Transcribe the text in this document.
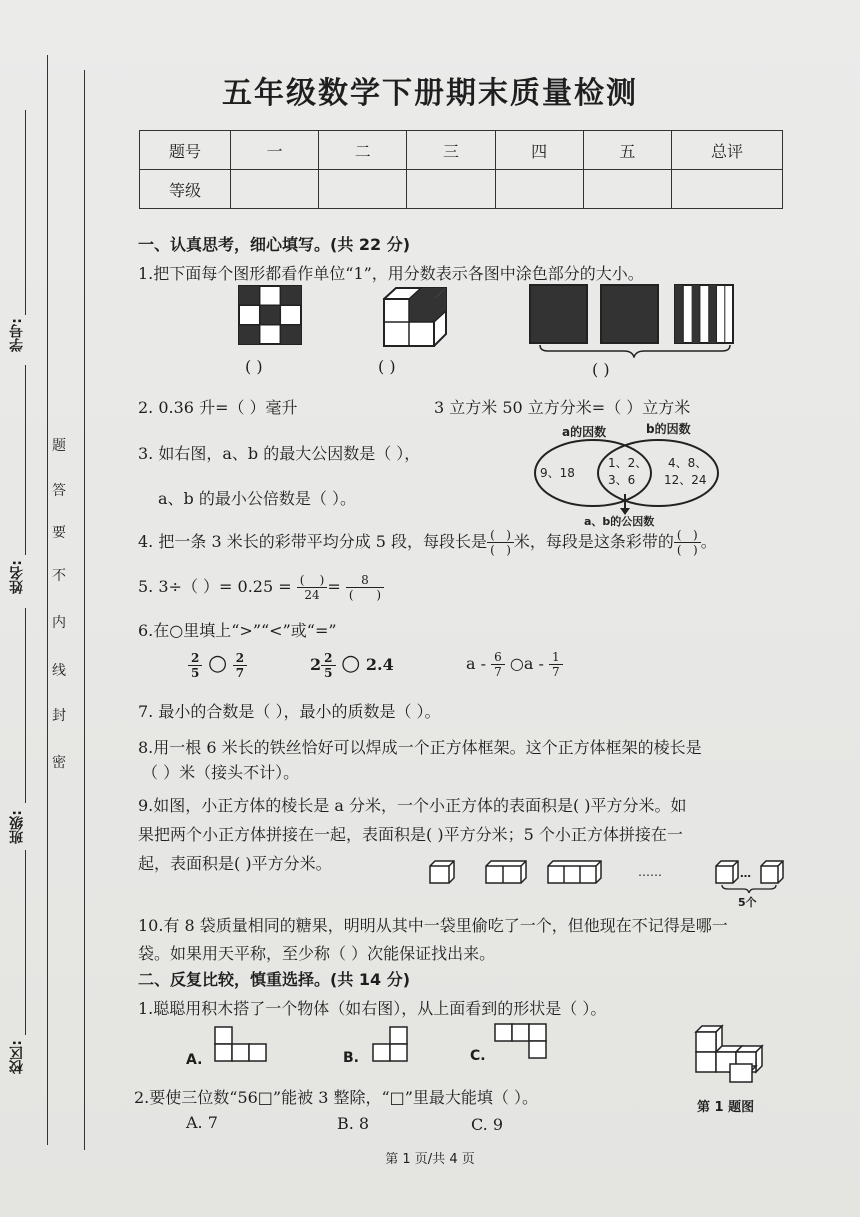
学号:
姓名:
班级:
校区:
题
答
要
不
内
线
封
密
五年级数学下册期末质量检测
题号	一	二	三	四	五	总评
等级						
一、认真思考，细心填写。(共 22 分)
1.把下面每个图形都看作单位“1”，用分数表示各图中涂色部分的大小。
( )	( )	( )
2. 0.36 升=（ ）毫升	3 立方米 50 立方分米=（ ）立方米
3. 如右图，a、b 的最大公因数是（ ），
a、b 的最小公倍数是（ ）。
a的因数	b的因数
9、18
1、2、
3、6
4、8、
12、24
a、b的公因数
4. 把一条 3 米长的彩带平均分成 5 段，每段长是 $\frac{( )}{( )}$ 米，每段是这条彩带的 $\frac{( )}{( )}$ 。
5. 3÷（ ）= $0.25 = \frac{( )}{24} = \frac{8}{( )}$
6.在○里填上“>”“<”或“=”
$\frac{2}{5}$ ○ $\frac{2}{7}$	$2 \frac{2}{5}$ ○ 2.4	a - $\frac{6}{7}$ ○a - $\frac{1}{7}$
7. 最小的合数是（ ），最小的质数是（ ）。
8.用一根 6 米长的铁丝恰好可以焊成一个正方体框架。这个正方体框架的棱长是
（ ）米（接头不计）。
9.如图，小正方体的棱长是 a 分米，一个小正方体的表面积是( )平方分米。如
果把两个小正方体拼接在一起，表面积是( )平方分米；5 个小正方体拼接在一
起，表面积是( )平方分米。	……	…
5个
10.有 8 袋质量相同的糖果，明明从其中一袋里偷吃了一个，但他现在不记得是哪一
袋。如果用天平称，至少称（ ）次能保证找出来。
二、反复比较，慎重选择。(共 14 分)
1.聪聪用积木搭了一个物体（如右图），从上面看到的形状是（ ）。
A.	B.	C.
第 1 题图
2.要使三位数“56□”能被 3 整除，“□”里最大能填（ ）。
A. 7	B. 8	C. 9
第 1 页/共 4 页
